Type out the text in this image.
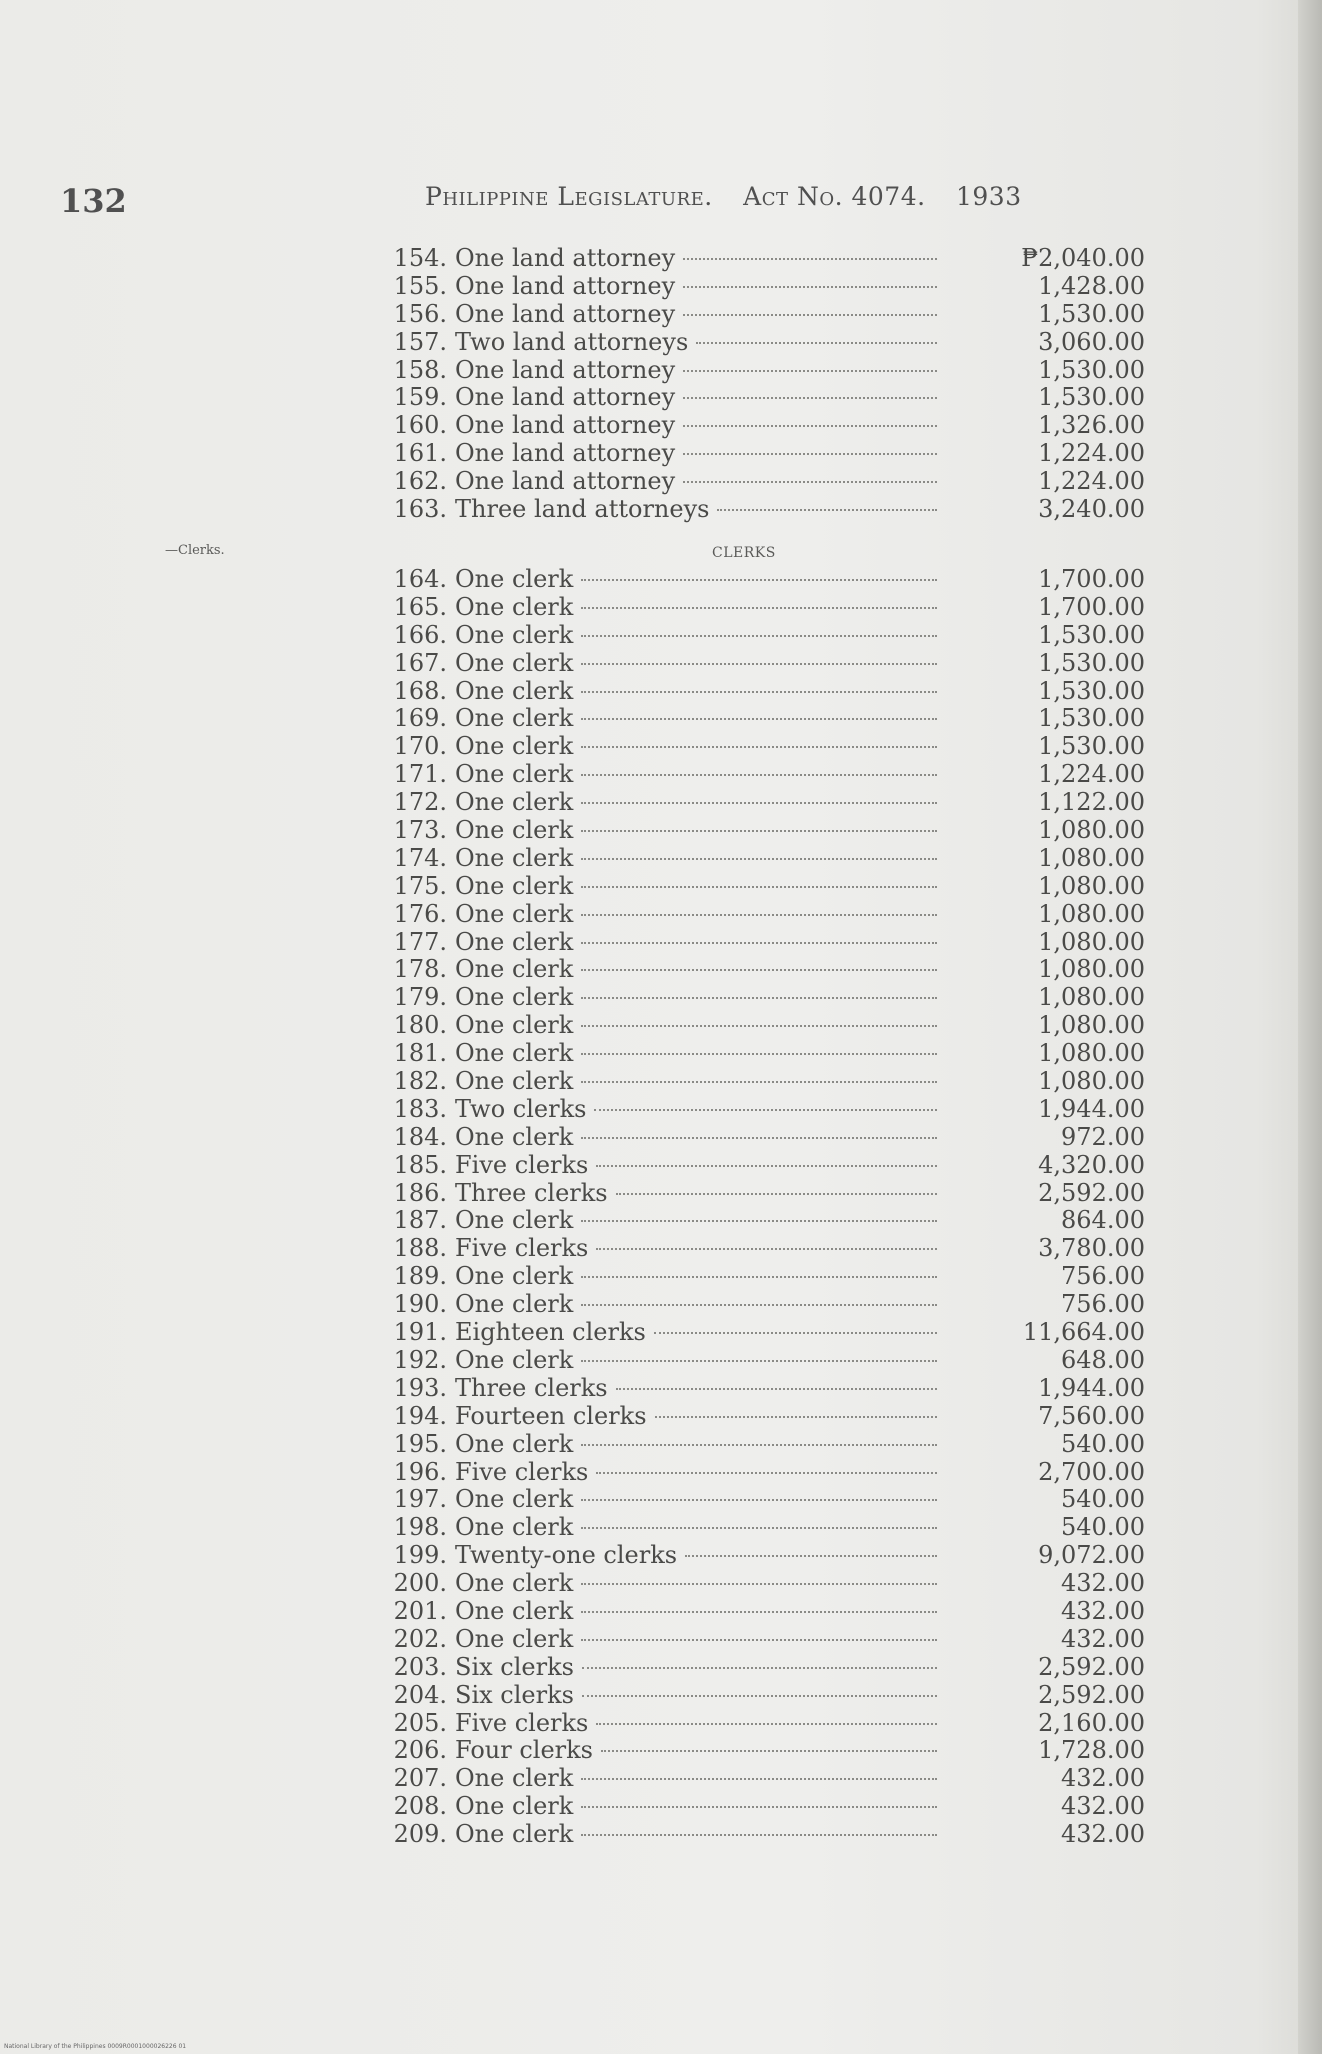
132	Philippine Legislature. Act No. 4074. 1933
154. One land attorney	₱2,040.00
155. One land attorney	1,428.00
156. One land attorney	1,530.00
157. Two land attorneys	3,060.00
158. One land attorney	1,530.00
159. One land attorney	1,530.00
160. One land attorney	1,326.00
161. One land attorney	1,224.00
162. One land attorney	1,224.00
163. Three land attorneys	3,240.00
—Clerks.	CLERKS
164. One clerk	1,700.00
165. One clerk	1,700.00
166. One clerk	1,530.00
167. One clerk	1,530.00
168. One clerk	1,530.00
169. One clerk	1,530.00
170. One clerk	1,530.00
171. One clerk	1,224.00
172. One clerk	1,122.00
173. One clerk	1,080.00
174. One clerk	1,080.00
175. One clerk	1,080.00
176. One clerk	1,080.00
177. One clerk	1,080.00
178. One clerk	1,080.00
179. One clerk	1,080.00
180. One clerk	1,080.00
181. One clerk	1,080.00
182. One clerk	1,080.00
183. Two clerks	1,944.00
184. One clerk	972.00
185. Five clerks	4,320.00
186. Three clerks	2,592.00
187. One clerk	864.00
188. Five clerks	3,780.00
189. One clerk	756.00
190. One clerk	756.00
191. Eighteen clerks	11,664.00
192. One clerk	648.00
193. Three clerks	1,944.00
194. Fourteen clerks	7,560.00
195. One clerk	540.00
196. Five clerks	2,700.00
197. One clerk	540.00
198. One clerk	540.00
199. Twenty-one clerks	9,072.00
200. One clerk	432.00
201. One clerk	432.00
202. One clerk	432.00
203. Six clerks	2,592.00
204. Six clerks	2,592.00
205. Five clerks	2,160.00
206. Four clerks	1,728.00
207. One clerk	432.00
208. One clerk	432.00
209. One clerk	432.00
National Library of the Philippines 0009R0001000026226 01
